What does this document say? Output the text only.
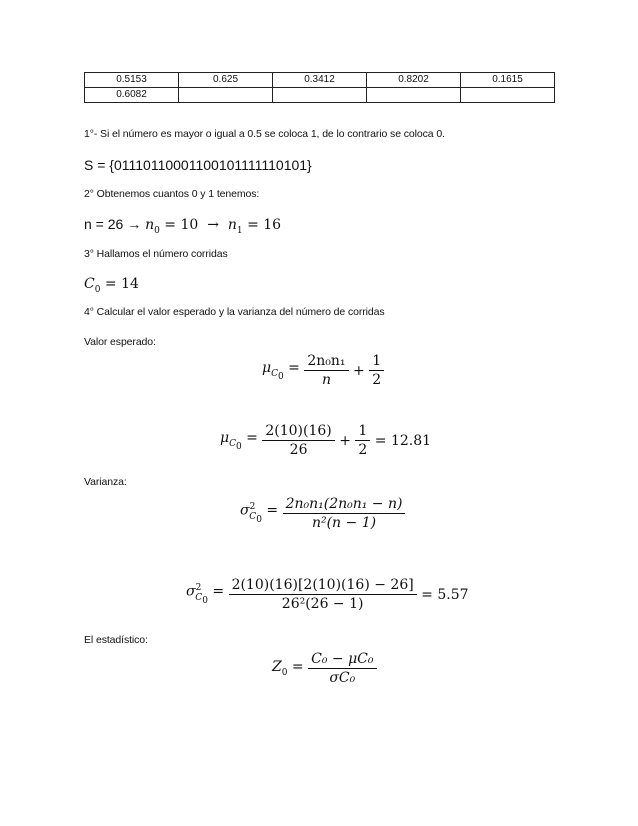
0.5153	0.625	0.3412	0.8202	0.1615
0.6082				
1°- Si el número es mayor o igual a 0.5 se coloca 1, de lo contrario se coloca 0.
S = {01110110001100101111110101}
2° Obtenemos cuantos 0 y 1 tenemos:
$n = 26 \to n_0 = 10 \to n_1 = 16$
3° Hallamos el número corridas
$C_0 = 14$
4° Calcular el valor esperado y la varianza del número de corridas
Valor esperado:
$\mu_{C_0} = \frac{\text{2n₀n₁}}{n} + \frac{1}{2}$
$\mu_{C_0} = \frac{2(10)(16)}{26} + \frac{1}{2} = 12.81$
Varianza:
$\sigma^2_{C_0} = \frac{\text{2n₀n₁(2n₀n₁ − n)}}{\text{n²(n − 1)}}$
$\sigma^2_{C_0} = \frac{2(10)(16)[2(10)(16) - 26]}{\text{26²(26 − 1)}} = 5.57$
El estadístico:
$Z_0 = \frac{\text{C₀ − μC₀}}{\text{σC₀}}$
